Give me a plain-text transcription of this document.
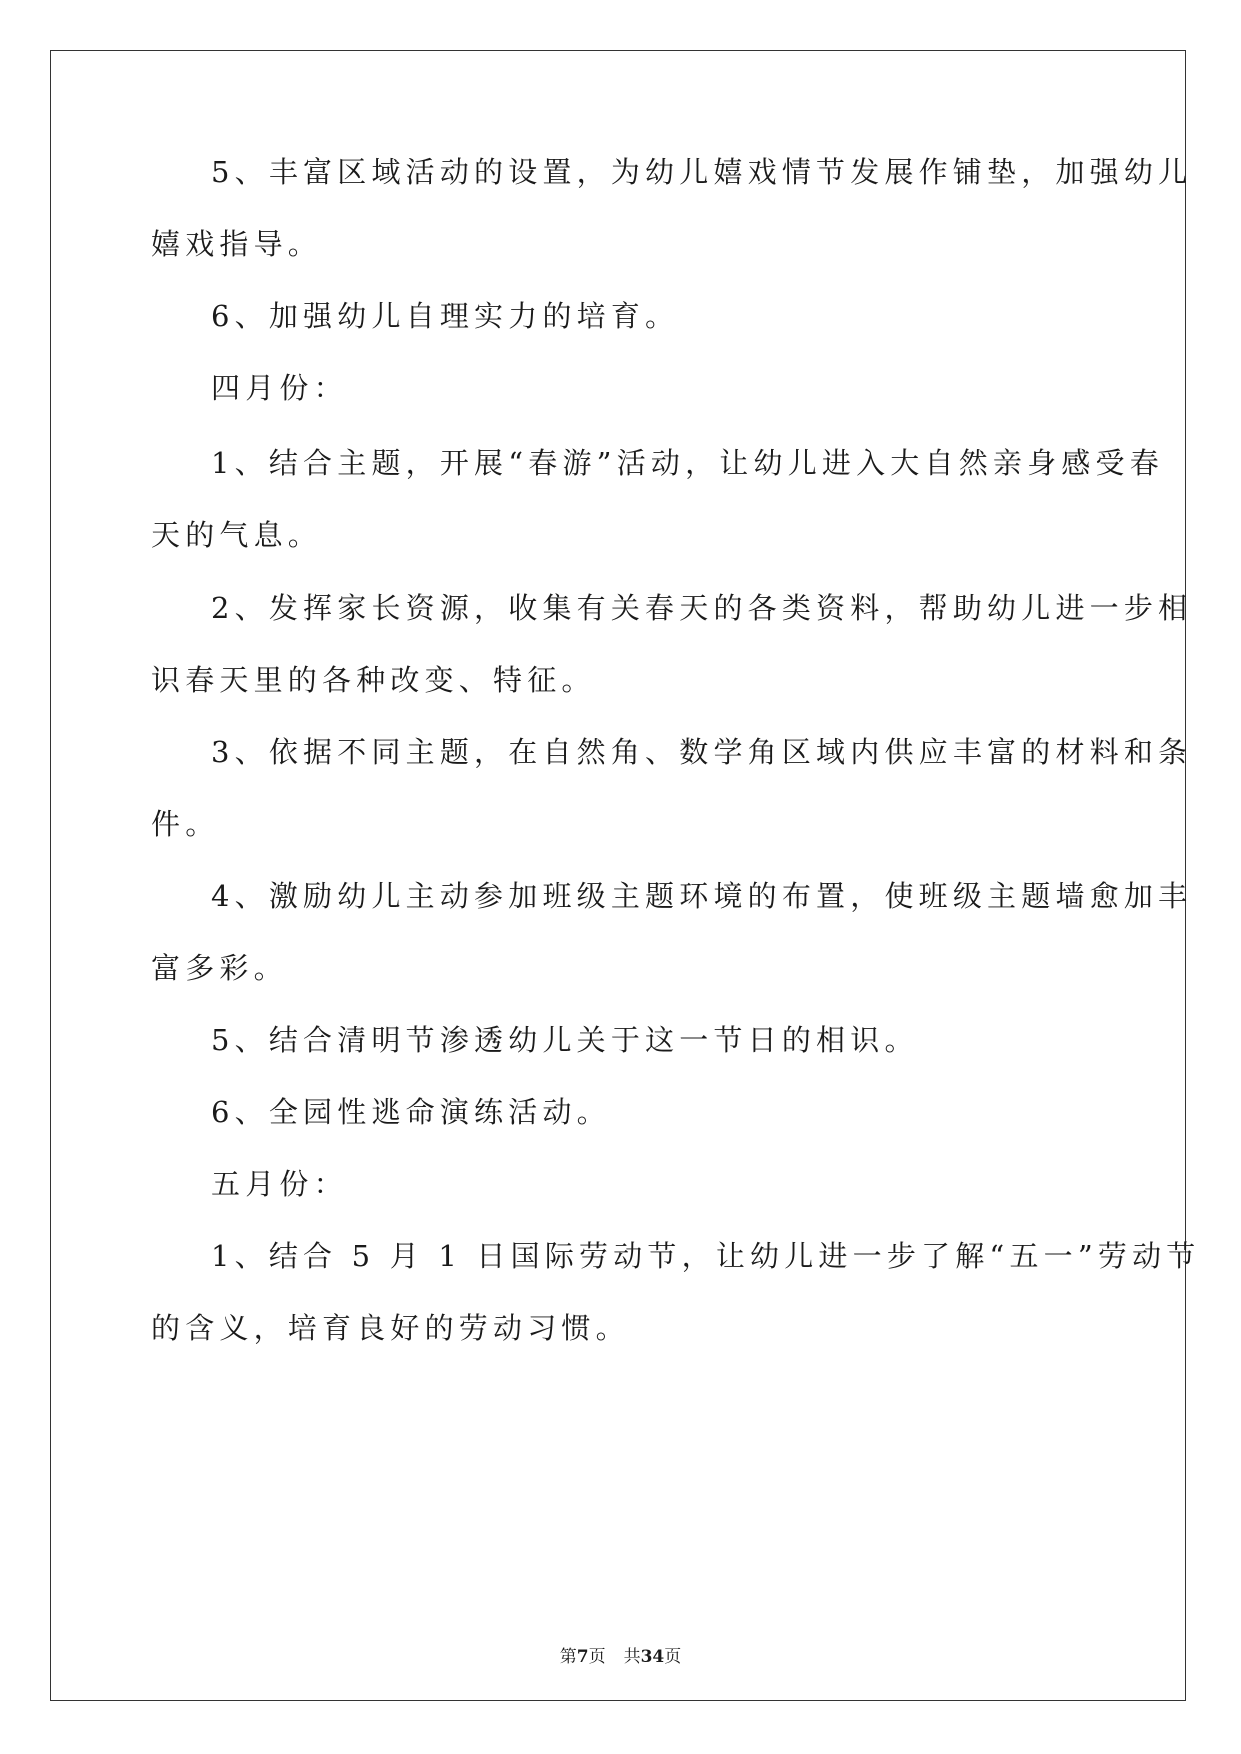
5、丰富区域活动的设置，为幼儿嬉戏情节发展作铺垫，加强幼儿
嬉戏指导。
6、加强幼儿自理实力的培育。
四月份：
1、结合主题，开展“春游”活动，让幼儿进入大自然亲身感受春
天的气息。
2、发挥家长资源，收集有关春天的各类资料，帮助幼儿进一步相
识春天里的各种改变、特征。
3、依据不同主题，在自然角、数学角区域内供应丰富的材料和条
件。
4、激励幼儿主动参加班级主题环境的布置，使班级主题墙愈加丰
富多彩。
5、结合清明节渗透幼儿关于这一节日的相识。
6、全园性逃命演练活动。
五月份：
1、结合 5 月 1 日国际劳动节，让幼儿进一步了解“五一”劳动节
的含义，培育良好的劳动习惯。
第7页 共34页
